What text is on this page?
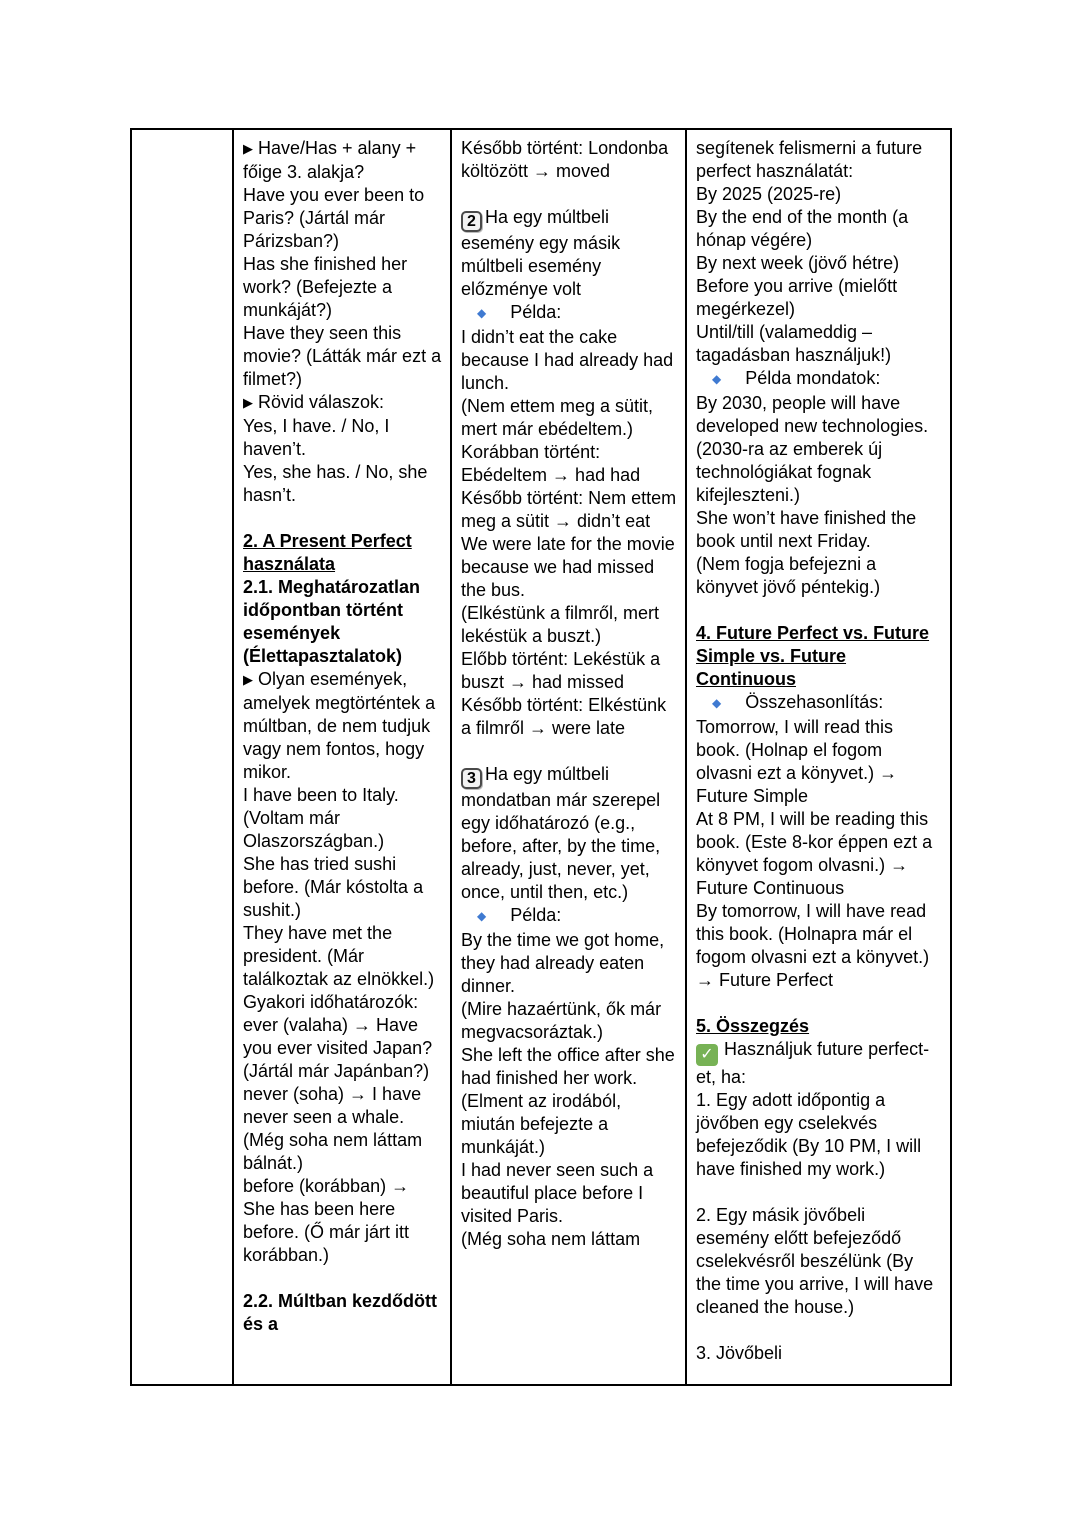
▶ Have/Has + alany + főige 3. alakja?
Have you ever been to Paris? (Jártál már Párizsban?)
Has she finished her work? (Befejezte a munkáját?)
Have they seen this movie? (Látták már ezt a filmet?)
▶ Rövid válaszok:
Yes, I have. / No, I haven’t.
Yes, she has. / No, she hasn’t.
2. A Present Perfect használata
2.1. Meghatározatlan időpontban történt események (Élettapasztalatok)
▶ Olyan események, amelyek megtörténtek a múltban, de nem tudjuk vagy nem fontos, hogy mikor.
I have been to Italy. (Voltam már Olaszországban.)
She has tried sushi before. (Már kóstolta a sushit.)
They have met the president. (Már találkoztak az elnökkel.)
Gyakori időhatározók:
ever (valaha) → Have you ever visited Japan? (Jártál már Japánban?)
never (soha) → I have never seen a whale. (Még soha nem láttam bálnát.)
before (korábban) → She has been here before. (Ő már járt itt korábban.)
2.2. Múltban kezdődött és a

Később történt: Londonba költözött → moved
2 Ha egy múltbeli esemény egy másik múltbeli esemény előzménye volt
◆ Példa:
I didn’t eat the cake because I had already had lunch.
(Nem ettem meg a sütit, mert már ebédeltem.)
Korábban történt: Ebédeltem → had had
Később történt: Nem ettem meg a sütit → didn’t eat
We were late for the movie because we had missed the bus.
(Elkéstünk a filmről, mert lekéstük a buszt.)
Előbb történt: Lekéstük a buszt → had missed
Később történt: Elkéstünk a filmről → were late
3 Ha egy múltbeli mondatban már szerepel egy időhatározó (e.g., before, after, by the time, already, just, never, yet, once, until then, etc.)
◆ Példa:
By the time we got home, they had already eaten dinner.
(Mire hazaértünk, ők már megvacsoráztak.)
She left the office after she had finished her work.
(Elment az irodából, miután befejezte a munkáját.)
I had never seen such a beautiful place before I visited Paris.
(Még soha nem láttam

segítenek felismerni a future perfect használatát:
By 2025 (2025-re)
By the end of the month (a hónap végére)
By next week (jövő hétre)
Before you arrive (mielőtt megérkezel)
Until/till (valameddig – tagadásban használjuk!)
◆ Példa mondatok:
By 2030, people will have developed new technologies. (2030-ra az emberek új technológiákat fognak kifejleszteni.)
She won’t have finished the book until next Friday.
(Nem fogja befejezni a könyvet jövő péntekig.)
4. Future Perfect vs. Future Simple vs. Future Continuous
◆ Összehasonlítás:
Tomorrow, I will read this book. (Holnap el fogom olvasni ezt a könyvet.) → Future Simple
At 8 PM, I will be reading this book. (Este 8-kor éppen ezt a könyvet fogom olvasni.) → Future Continuous
By tomorrow, I will have read this book. (Holnapra már el fogom olvasni ezt a könyvet.) → Future Perfect
5. Összegzés
✓ Használjuk future perfect-et, ha:
1. Egy adott időpontig a jövőben egy cselekvés befejeződik (By 10 PM, I will have finished my work.)
2. Egy másik jövőbeli esemény előtt befejeződő cselekvésről beszélünk (By the time you arrive, I will have cleaned the house.)
3. Jövőbeli
